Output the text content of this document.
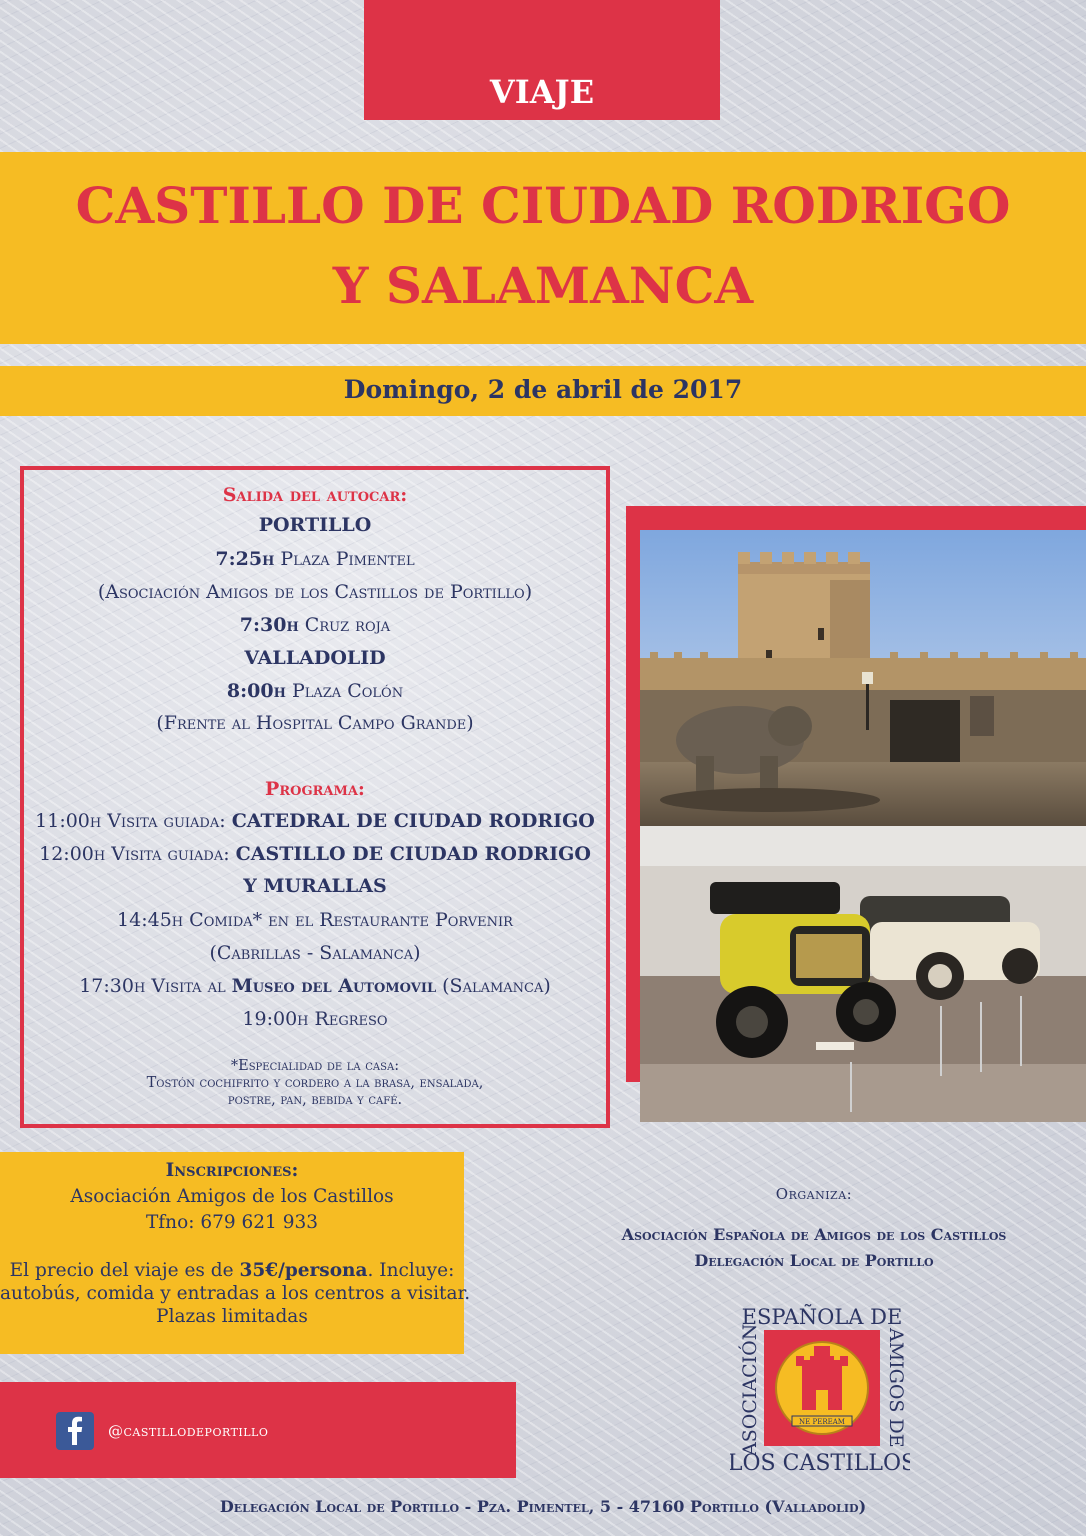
VIAJE
CASTILLO DE CIUDAD RODRIGO
Y SALAMANCA
Domingo, 2 de abril de 2017
Salida del autocar:
PORTILLO
7:25h Plaza Pimentel
(Asociación Amigos de los Castillos de Portillo)
7:30h Cruz roja
VALLADOLID
8:00h Plaza Colón
(Frente al Hospital Campo Grande)
Programa:
11:00h Visita guiada: CATEDRAL DE CIUDAD RODRIGO
12:00h Visita guiada: CASTILLO DE CIUDAD RODRIGO
Y MURALLAS
14:45h Comida* en el Restaurante Porvenir
(Cabrillas - Salamanca)
17:30h Visita al Museo del Automovil (Salamanca)
19:00h Regreso
*Especialidad de la casa:
Tostón cochifrito y cordero a la brasa, ensalada,
postre, pan, bebida y café.
Inscripciones:
Asociación Amigos de los Castillos
Tfno: 679 621 933
El precio del viaje es de 35€/persona. Incluye:
autobús, comida y entradas a los centros a visitar.
Plazas limitadas
@castillodeportillo
Organiza:
Asociación Española de Amigos de los Castillos
Delegación Local de Portillo
ESPAÑOLA DE
ASOCIACIÓN	AMIGOS DE
LOS CASTILLOS
NE PEREAM
Delegación Local de Portillo - Pza. Pimentel, 5 - 47160 Portillo (Valladolid)
